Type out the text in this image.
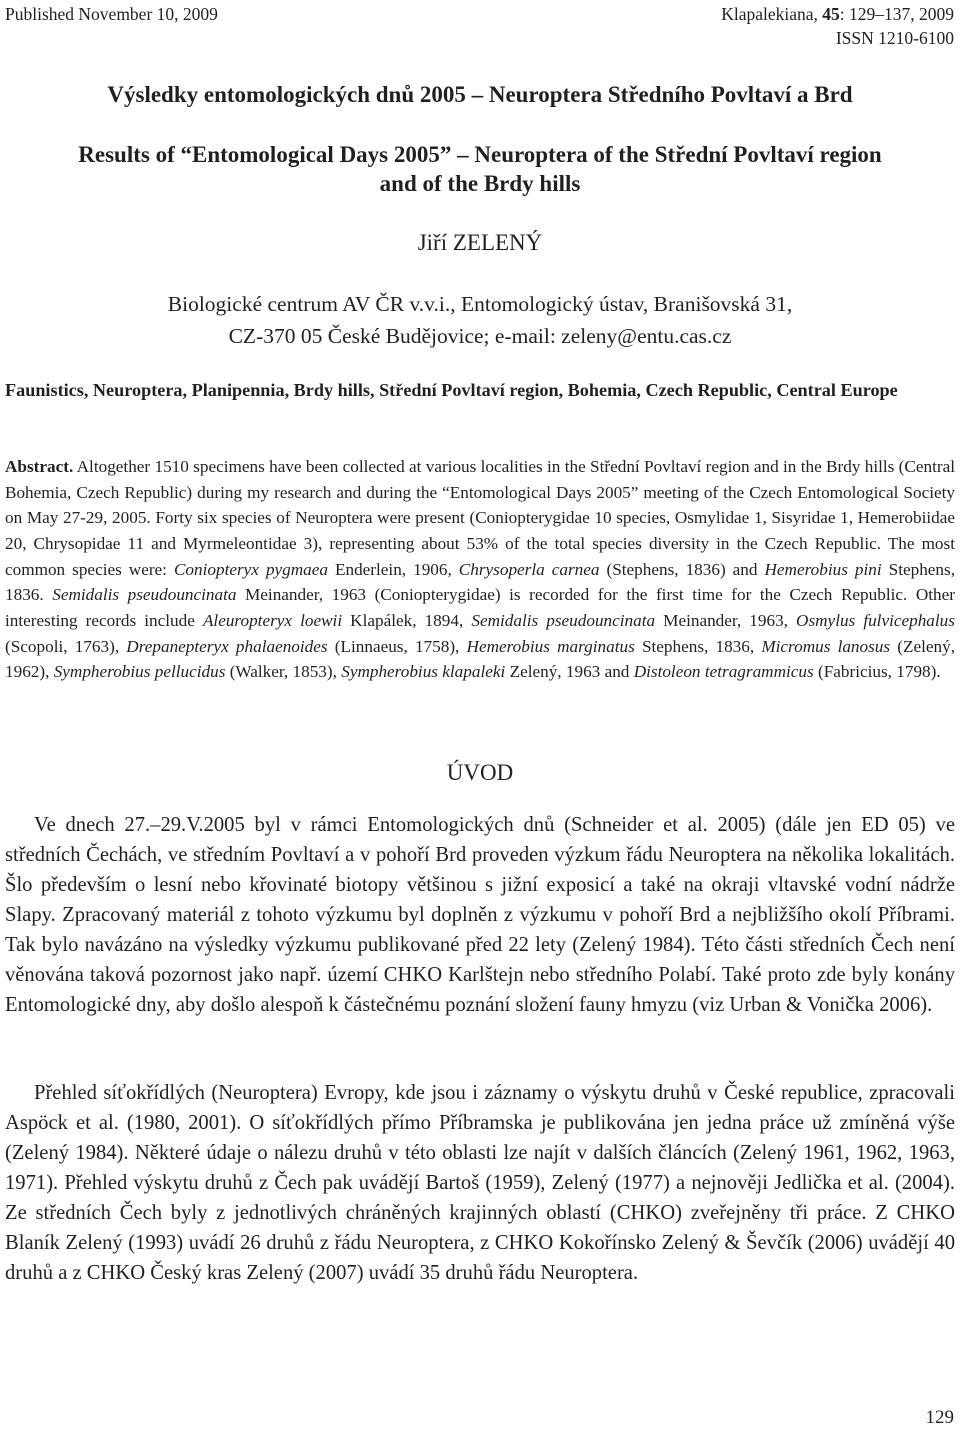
Published November 10, 2009	Klapalekiana, 45: 129–137, 2009
ISSN 1210-6100
Výsledky entomologických dnů 2005 – Neuroptera Středního Povltaví a Brd
Results of “Entomological Days 2005” – Neuroptera of the Střední Povltaví region
and of the Brdy hills
Jiří ZELENÝ
Biologické centrum AV ČR v.v.i., Entomologický ústav, Branišovská 31,
CZ-370 05 České Budějovice; e-mail: zeleny@entu.cas.cz
Faunistics, Neuroptera, Planipennia, Brdy hills, Střední Povltaví region, Bohemia, Czech Republic, Central Europe
Abstract. Altogether 1510 specimens have been collected at various localities in the Střední Povltaví region and in the Brdy hills (Central Bohemia, Czech Republic) during my research and during the “Entomological Days 2005” meeting of the Czech Entomological Society on May 27-29, 2005. Forty six species of Neuroptera were present (Coniopterygidae 10 species, Osmylidae 1, Sisyridae 1, Hemerobiidae 20, Chrysopidae 11 and Myrmeleontidae 3), representing about 53% of the total species diversity in the Czech Republic. The most common species were: Coniopteryx pygmaea Enderlein, 1906, Chrysoperla carnea (Stephens, 1836) and Hemerobius pini Stephens, 1836. Semidalis pseudouncinata Meinander, 1963 (Coniopterygidae) is recorded for the first time for the Czech Republic. Other interesting records include Aleuropteryx loewii Klapálek, 1894, Semidalis pseudouncinata Meinander, 1963, Osmylus fulvicephalus (Scopoli, 1763), Drepanepteryx phalaenoides (Linnaeus, 1758), Hemerobius marginatus Stephens, 1836, Micromus lanosus (Zelený, 1962), Sympherobius pellucidus (Walker, 1853), Sympherobius klapaleki Zelený, 1963 and Distoleon tetragrammicus (Fabricius, 1798).
ÚVOD
Ve dnech 27.–29.V.2005 byl v rámci Entomologických dnů (Schneider et al. 2005) (dále jen ED 05) ve středních Čechách, ve středním Povltaví a v pohoří Brd proveden výzkum řádu Neuroptera na několika lokalitách. Šlo především o lesní nebo křovinaté biotopy většinou s jižní exposicí a také na okraji vltavské vodní nádrže Slapy. Zpracovaný materiál z tohoto výzkumu byl doplněn z výzkumu v pohoří Brd a nejbližšího okolí Příbrami. Tak bylo navázáno na výsledky výzkumu publikované před 22 lety (Zelený 1984). Této části středních Čech není věnována taková pozornost jako např. území CHKO Karlštejn nebo středního Polabí. Také proto zde byly konány Entomologické dny, aby došlo alespoň k částečnému poznání složení fauny hmyzu (viz Urban & Vonička 2006).
Přehled síťokřídlých (Neuroptera) Evropy, kde jsou i záznamy o výskytu druhů v České republice, zpracovali Aspöck et al. (1980, 2001). O síťokřídlých přímo Příbramska je publikována jen jedna práce už zmíněná výše (Zelený 1984). Některé údaje o nálezu druhů v této oblasti lze najít v dalších článcích (Zelený 1961, 1962, 1963, 1971). Přehled výskytu druhů z Čech pak uvádějí Bartoš (1959), Zelený (1977) a nejnověji Jedlička et al. (2004). Ze středních Čech byly z jednotlivých chráněných krajinných oblastí (CHKO) zveřejněny tři práce. Z CHKO Blaník Zelený (1993) uvádí 26 druhů z řádu Neuroptera, z CHKO Kokořínsko Zelený & Ševčík (2006) uvádějí 40 druhů a z CHKO Český kras Zelený (2007) uvádí 35 druhů řádu Neuroptera.
129
